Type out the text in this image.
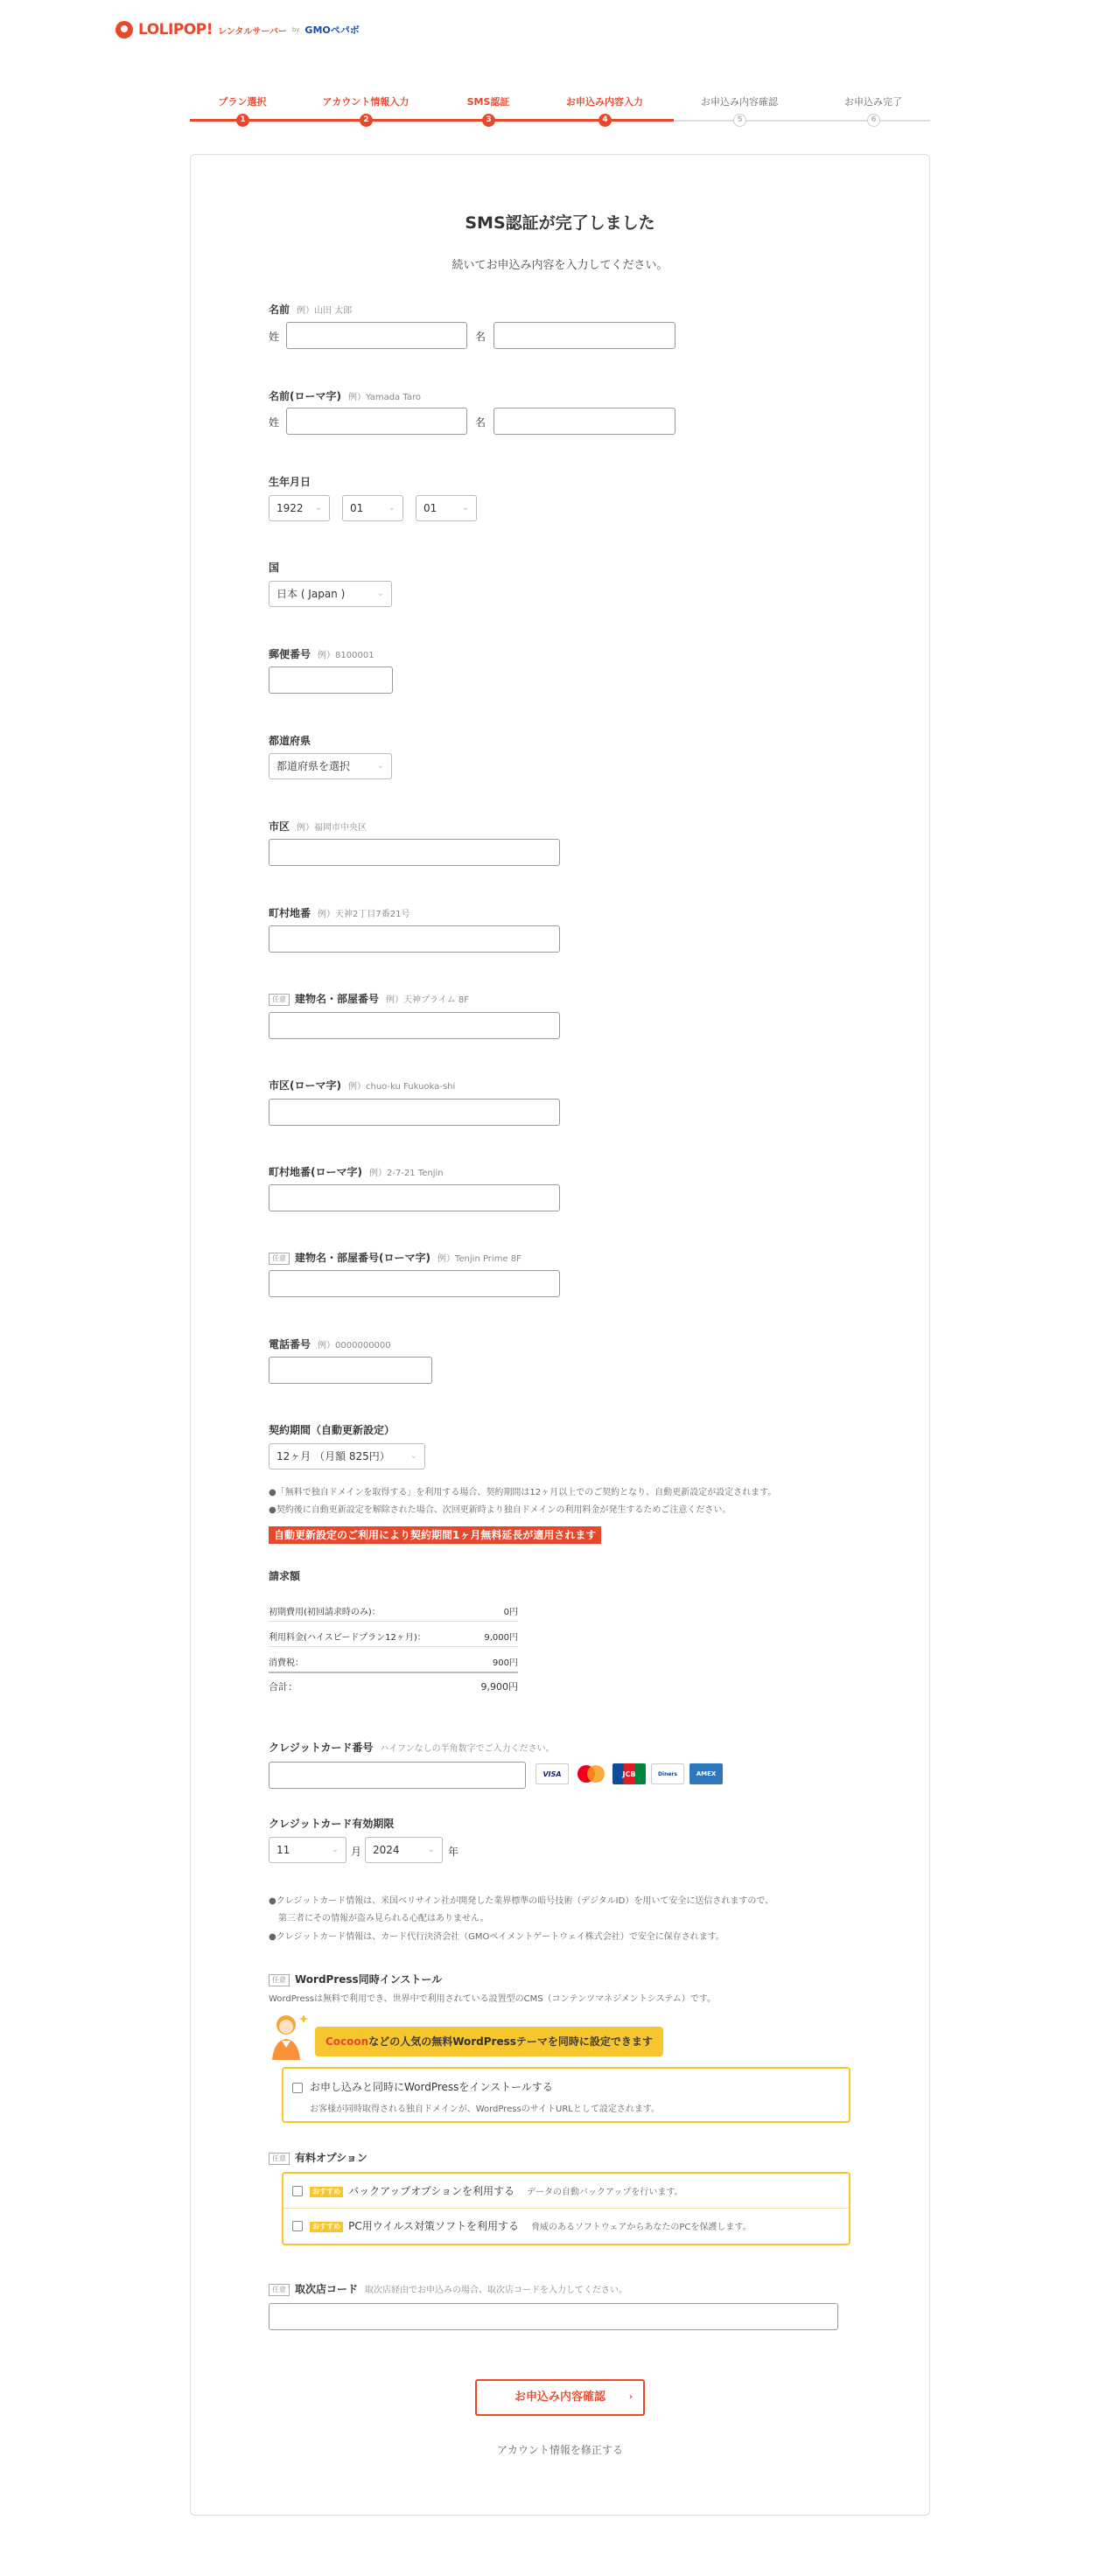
LOLIPOP! レンタルサーバー by GMOペパボ
プラン選択
1
アカウント情報入力
2
SMS認証
3
お申込み内容入力
4
お申込み内容確認
5
お申込み完了
6
SMS認証が完了しました
続いてお申込み内容を入力してください。
名前 例）山田 太郎
姓	名
名前(ローマ字) 例）Yamada Taro
姓	名
生年月日
1922 ⌄	01	⌄	01	⌄
国
日本 ( Japan )	⌄
郵便番号 例）8100001
都道府県
都道府県を選択	⌄
市区 例）福岡市中央区
町村地番 例）天神2丁目7番21号
任意 建物名・部屋番号 例）天神プライム 8F
市区(ローマ字) 例）chuo-ku Fukuoka-shi
町村地番(ローマ字) 例）2-7-21 Tenjin
任意 建物名・部屋番号(ローマ字) 例）Tenjin Prime 8F
電話番号 例）0000000000
契約期間（自動更新設定）
12ヶ月 （月額 825円） ⌄
●「無料で独自ドメインを取得する」を利用する場合、契約期間は12ヶ月以上でのご契約となり、自動更新設定が設定されます。
●契約後に自動更新設定を解除された場合、次回更新時より独自ドメインの利用料金が発生するためご注意ください。
自動更新設定のご利用により契約期間1ヶ月無料延長が適用されます
請求額
初期費用(初回請求時のみ)：	0円
利用料金(ハイスピードプラン12ヶ月)：	9,000円
消費税：	900円
合計：	9,900円
クレジットカード番号 ハイフンなしの半角数字でご入力ください。
VISA	JCB	Diners	AMEX
クレジットカード有効期限
11	⌄ 月	2024	⌄ 年
●クレジットカード情報は、米国ベリサイン社が開発した業界標準の暗号技術（デジタルID）を用いて安全に送信されますので、
第三者にその情報が盗み見られる心配はありません。
●クレジットカード情報は、カード代行決済会社（GMOペイメントゲートウェイ株式会社）で安全に保存されます。
任意 WordPress同時インストール
WordPressは無料で利用でき、世界中で利用されている設置型のCMS（コンテンツマネジメントシステム）です。
Cocoonなどの人気の無料WordPressテーマを同時に設定できます
お申し込みと同時にWordPressをインストールする
お客様が同時取得される独自ドメインが、WordPressのサイトURLとして設定されます。
任意 有料オプション
おすすめ バックアップオプションを利用する データの自動バックアップを行います。
おすすめ PC用ウイルス対策ソフトを利用する 脅威のあるソフトウェアからあなたのPCを保護します。
任意 取次店コード 取次店経由でお申込みの場合、取次店コードを入力してください。
お申込み内容確認	›
アカウント情報を修正する
